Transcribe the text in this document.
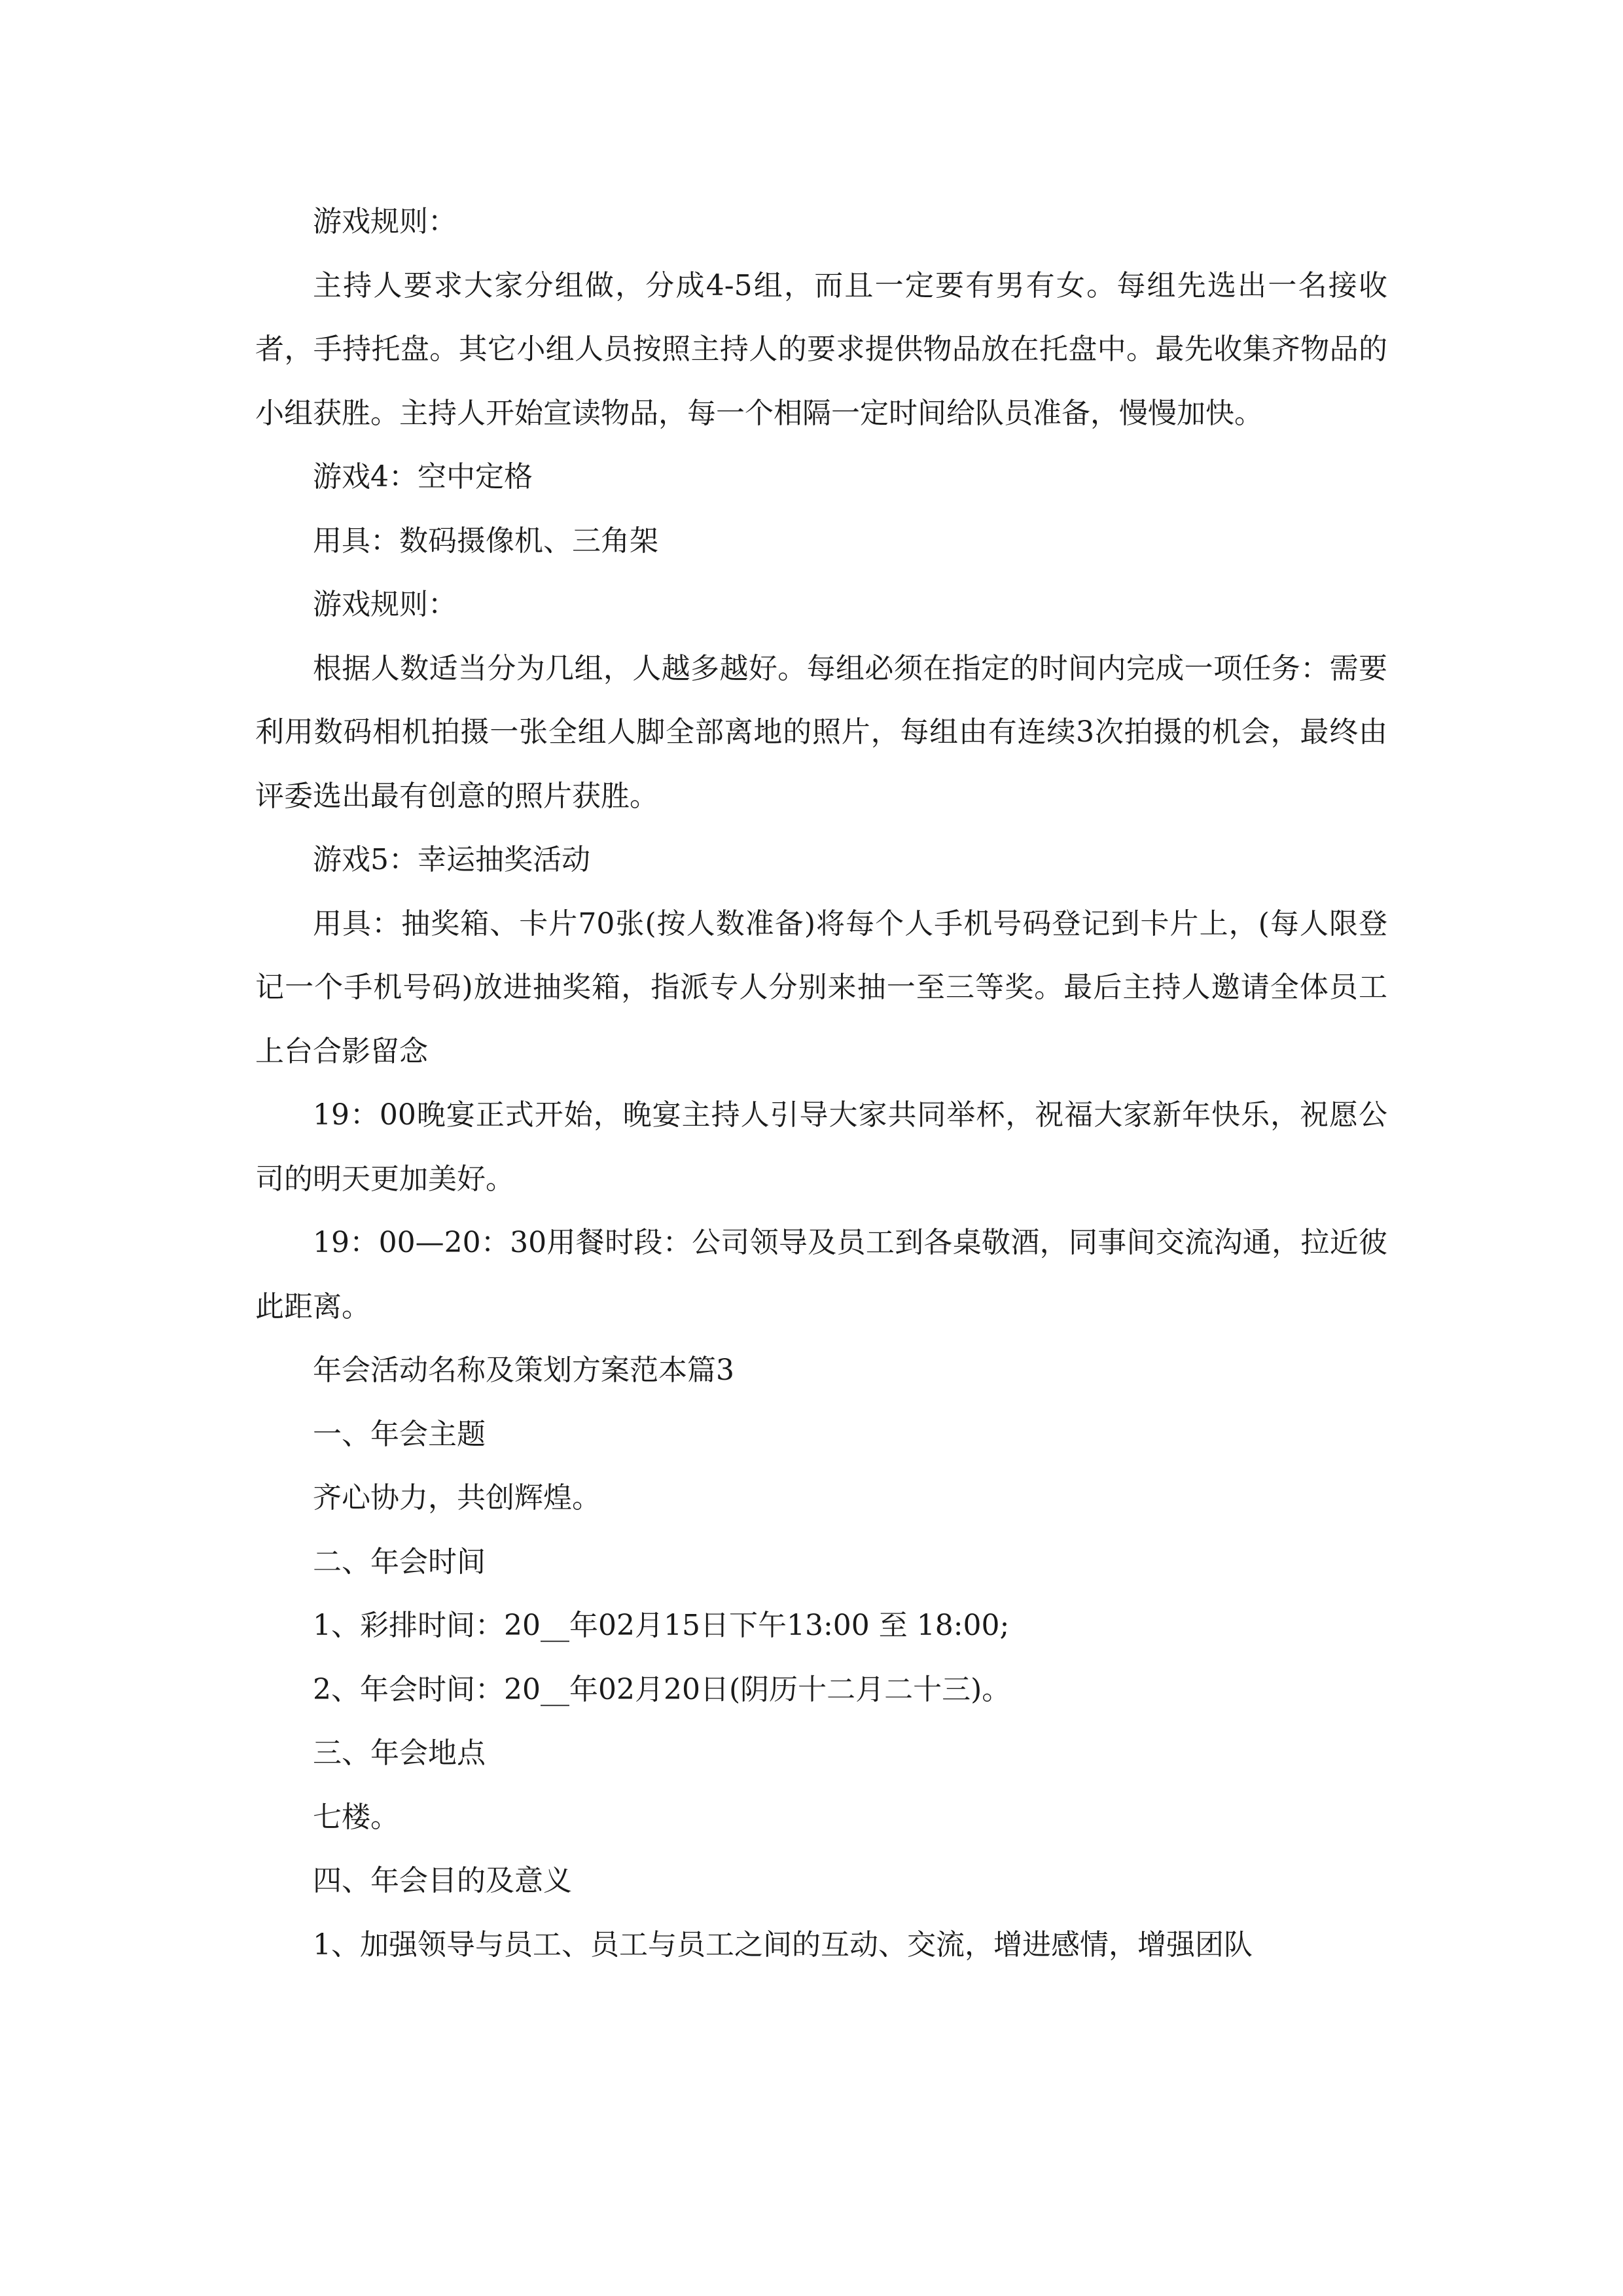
游戏规则：

主持人要求大家分组做，分成4-5组，而且一定要有男有女。每组先选出一名接收者，手持托盘。其它小组人员按照主持人的要求提供物品放在托盘中。最先收集齐物品的小组获胜。主持人开始宣读物品，每一个相隔一定时间给队员准备，慢慢加快。

游戏4：空中定格

用具：数码摄像机、三角架

游戏规则：

根据人数适当分为几组，人越多越好。每组必须在指定的时间内完成一项任务：需要利用数码相机拍摄一张全组人脚全部离地的照片，每组由有连续3次拍摄的机会，最终由评委选出最有创意的照片获胜。

游戏5：幸运抽奖活动

用具：抽奖箱、卡片70张(按人数准备)将每个人手机号码登记到卡片上，(每人限登记一个手机号码)放进抽奖箱，指派专人分别来抽一至三等奖。最后主持人邀请全体员工上台合影留念

19：00晚宴正式开始，晚宴主持人引导大家共同举杯，祝福大家新年快乐，祝愿公司的明天更加美好。

19：00—20：30用餐时段：公司领导及员工到各桌敬酒，同事间交流沟通，拉近彼此距离。

年会活动名称及策划方案范本篇3

一、年会主题

齐心协力，共创辉煌。

二、年会时间

1、彩排时间：20__年02月15日下午13:00 至 18:00;

2、年会时间：20__年02月20日(阴历十二月二十三)。

三、年会地点

七楼。

四、年会目的及意义

1、加强领导与员工、员工与员工之间的互动、交流，增进感情，增强团队
